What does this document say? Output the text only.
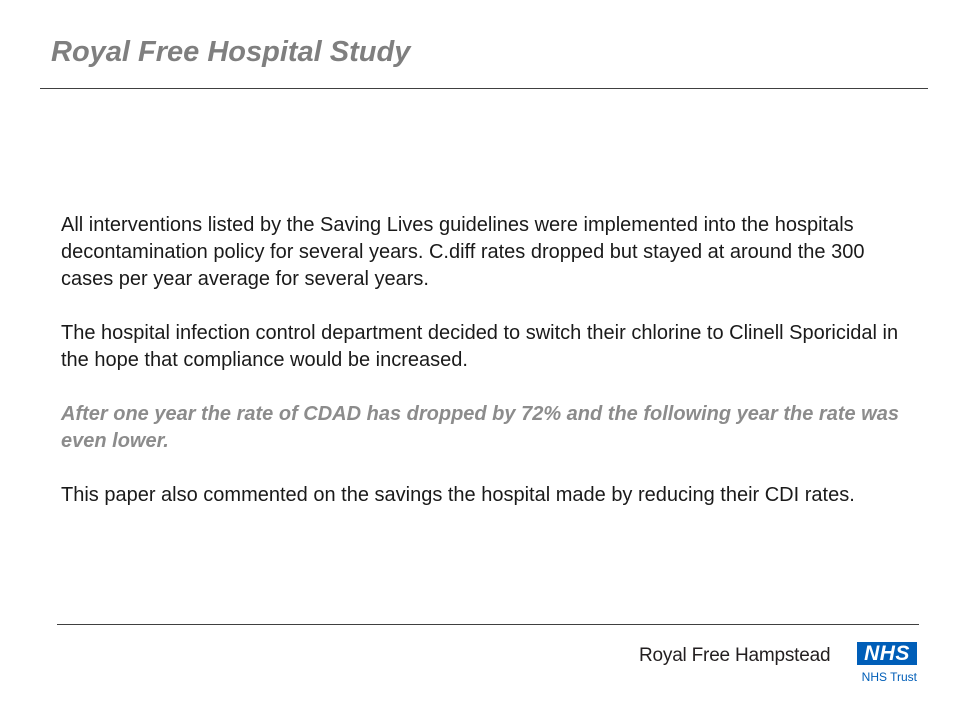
Royal Free Hospital Study

All interventions listed by the Saving Lives guidelines were implemented into the hospitals decontamination policy for several years. C.diff rates dropped but stayed at around the 300 cases per year average for several years.

The hospital infection control department decided to switch their chlorine to Clinell Sporicidal in the hope that compliance would be increased.

After one year the rate of CDAD has dropped by 72% and the following year the rate was even lower.

This paper also commented on the savings the hospital made by reducing their CDI rates.

Royal Free Hampstead	NHS
NHS Trust
